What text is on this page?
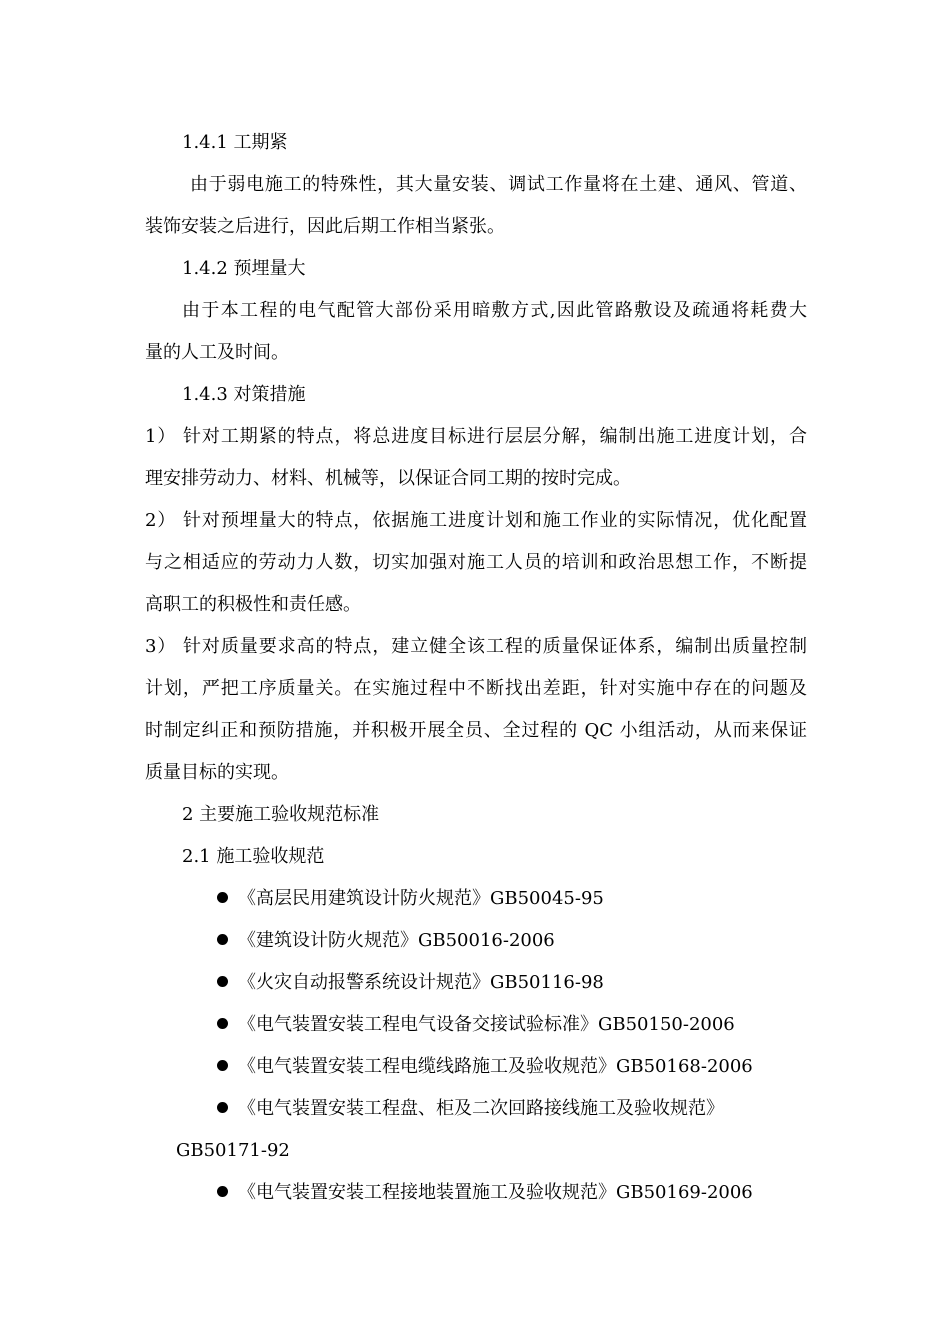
1.4.1 工期紧
由于弱电施工的特殊性，其大量安装、调试工作量将在土建、通风、管道、
装饰安装之后进行，因此后期工作相当紧张。
1.4.2 预埋量大
由于本工程的电气配管大部份采用暗敷方式,因此管路敷设及疏通将耗费大
量的人工及时间。
1.4.3 对策措施
1） 针对工期紧的特点，将总进度目标进行层层分解，编制出施工进度计划，合
理安排劳动力、材料、机械等，以保证合同工期的按时完成。
2） 针对预埋量大的特点，依据施工进度计划和施工作业的实际情况，优化配置
与之相适应的劳动力人数，切实加强对施工人员的培训和政治思想工作，不断提
高职工的积极性和责任感。
3） 针对质量要求高的特点，建立健全该工程的质量保证体系，编制出质量控制
计划，严把工序质量关。在实施过程中不断找出差距，针对实施中存在的问题及
时制定纠正和预防措施，并积极开展全员、全过程的 QC 小组活动，从而来保证
质量目标的实现。
2 主要施工验收规范标准
2.1 施工验收规范
《高层民用建筑设计防火规范》GB50045-95
《建筑设计防火规范》GB50016-2006
《火灾自动报警系统设计规范》GB50116-98
《电气装置安装工程电气设备交接试验标准》GB50150-2006
《电气装置安装工程电缆线路施工及验收规范》GB50168-2006
《电气装置安装工程盘、柜及二次回路接线施工及验收规范》
GB50171-92
《电气装置安装工程接地装置施工及验收规范》GB50169-2006
